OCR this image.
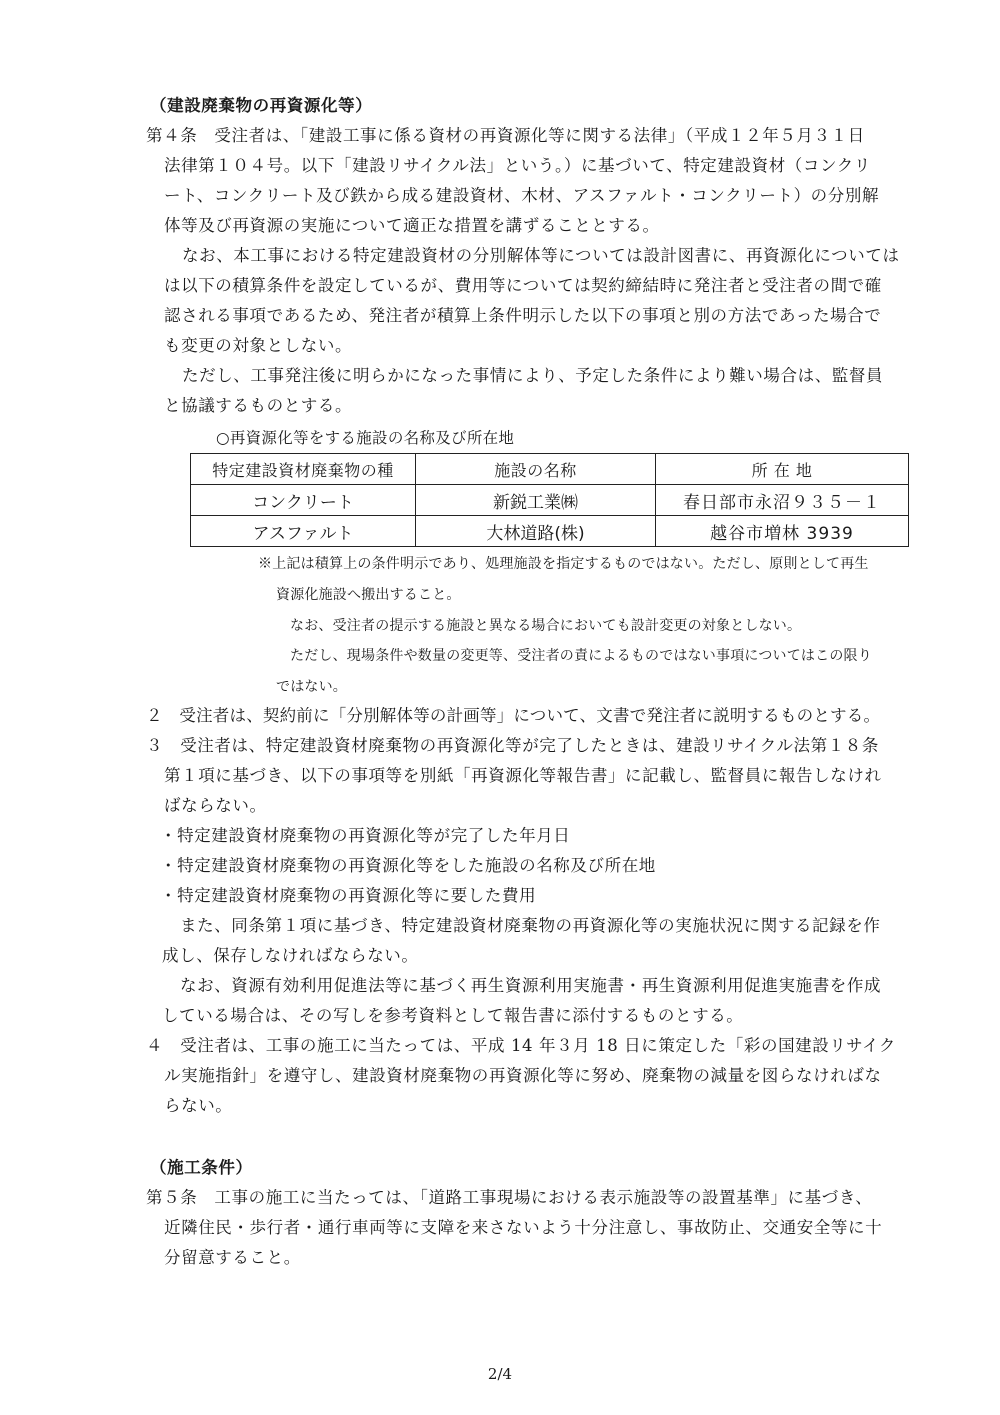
（建設廃棄物の再資源化等）
第４条　受注者は、「建設工事に係る資材の再資源化等に関する法律」（平成１２年５月３１日
法律第１０４号。以下「建設リサイクル法」という。）に基づいて、特定建設資材（コンクリ
ート、コンクリート及び鉄から成る建設資材、木材、アスファルト・コンクリート）の分別解
体等及び再資源の実施について適正な措置を講ずることとする。
なお、本工事における特定建設資材の分別解体等については設計図書に、再資源化については
は以下の積算条件を設定しているが、費用等については契約締結時に発注者と受注者の間で確
認される事項であるため、発注者が積算上条件明示した以下の事項と別の方法であった場合で
も変更の対象としない。
ただし、工事発注後に明らかになった事情により、予定した条件により難い場合は、監督員
と協議するものとする。
○再資源化等をする施設の名称及び所在地
特定建設資材廃棄物の種	施設の名称	所 在 地
コンクリート	新鋭工業㈱	春日部市永沼９３５－１
アスファルト	大林道路(株)	越谷市増林 3939
※上記は積算上の条件明示であり、処理施設を指定するものではない。ただし、原則として再生
資源化施設へ搬出すること。
なお、受注者の提示する施設と異なる場合においても設計変更の対象としない。
ただし、現場条件や数量の変更等、受注者の責によるものではない事項についてはこの限り
ではない。
２　受注者は、契約前に「分別解体等の計画等」について、文書で発注者に説明するものとする。
３　受注者は、特定建設資材廃棄物の再資源化等が完了したときは、建設リサイクル法第１８条
第１項に基づき、以下の事項等を別紙「再資源化等報告書」に記載し、監督員に報告しなけれ
ばならない。
・特定建設資材廃棄物の再資源化等が完了した年月日
・特定建設資材廃棄物の再資源化等をした施設の名称及び所在地
・特定建設資材廃棄物の再資源化等に要した費用
また、同条第１項に基づき、特定建設資材廃棄物の再資源化等の実施状況に関する記録を作
成し、保存しなければならない。
なお、資源有効利用促進法等に基づく再生資源利用実施書・再生資源利用促進実施書を作成
している場合は、その写しを参考資料として報告書に添付するものとする。
４　受注者は、工事の施工に当たっては、平成 14 年３月 18 日に策定した「彩の国建設リサイク
ル実施指針」を遵守し、建設資材廃棄物の再資源化等に努め、廃棄物の減量を図らなければな
らない。
（施工条件）
第５条　工事の施工に当たっては、「道路工事現場における表示施設等の設置基準」に基づき、
近隣住民・歩行者・通行車両等に支障を来さないよう十分注意し、事故防止、交通安全等に十
分留意すること。
2/4
